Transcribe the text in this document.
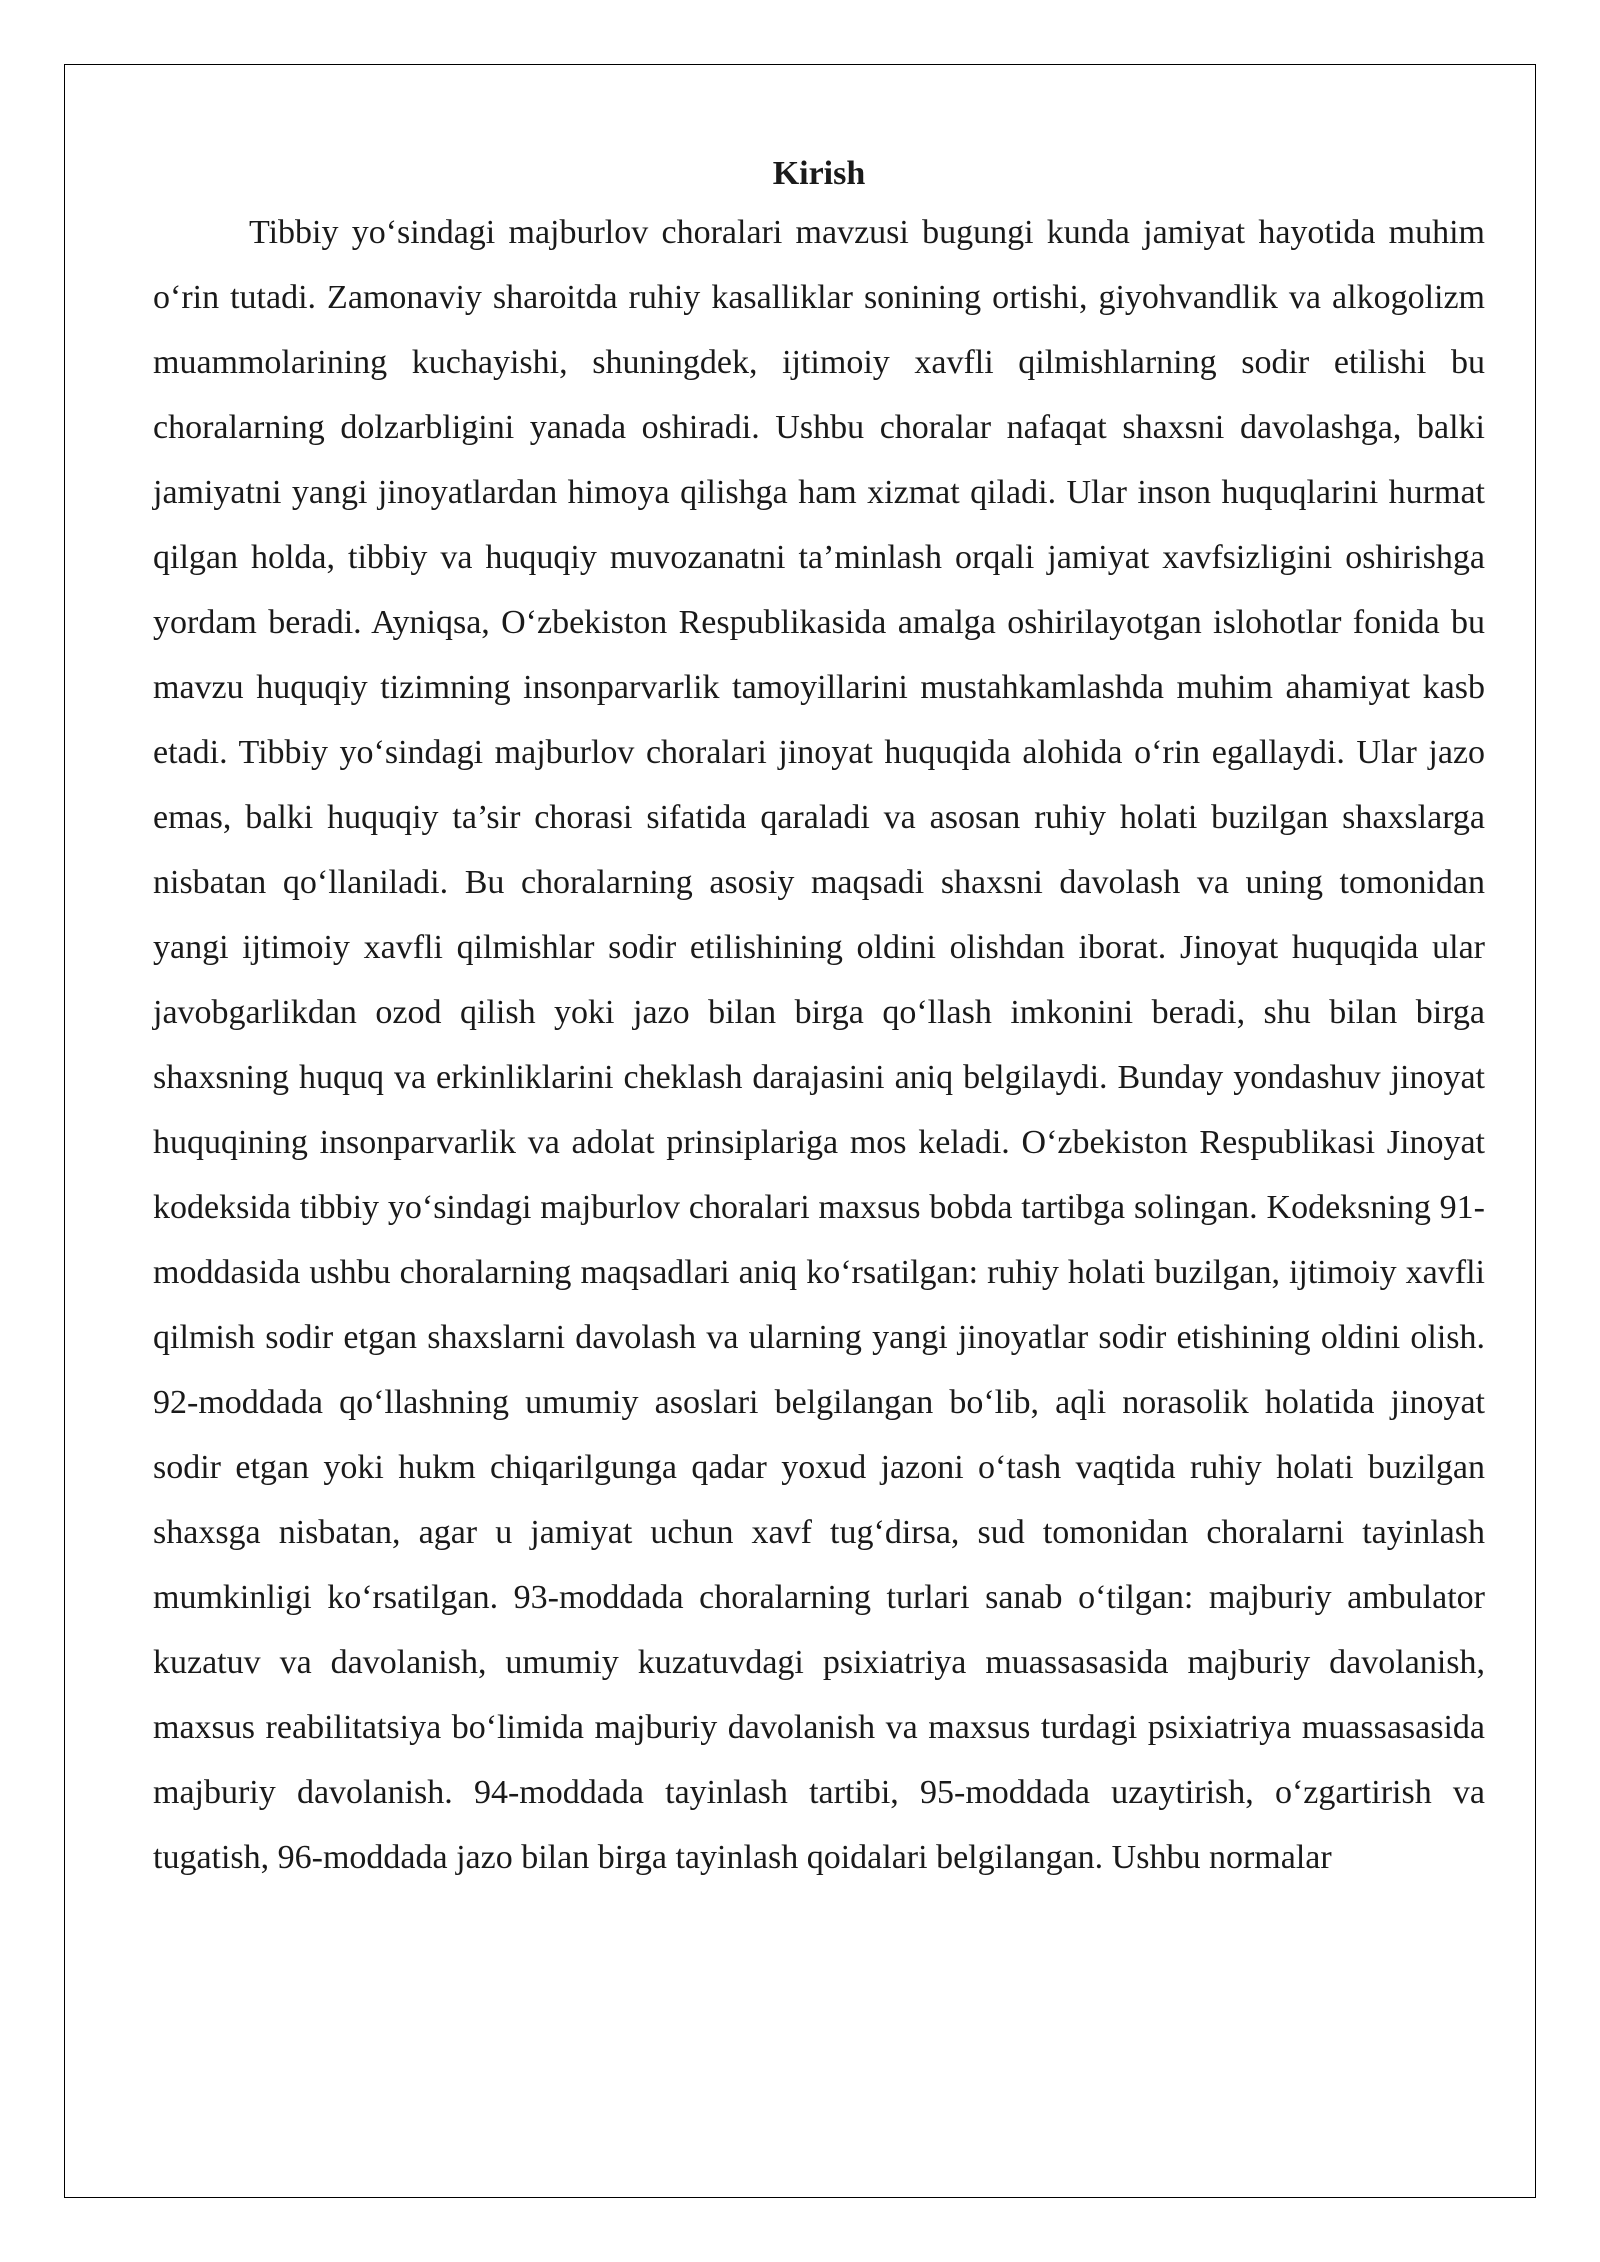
Kirish

Tibbiy yo‘sindagi majburlov choralari mavzusi bugungi kunda jamiyat hayotida muhim o‘rin tutadi. Zamonaviy sharoitda ruhiy kasalliklar sonining ortishi, giyohvandlik va alkogolizm muammolarining kuchayishi, shuningdek, ijtimoiy xavfli qilmishlarning sodir etilishi bu choralarning dolzarbligini yanada oshiradi. Ushbu choralar nafaqat shaxsni davolashga, balki jamiyatni yangi jinoyatlardan himoya qilishga ham xizmat qiladi. Ular inson huquqlarini hurmat qilgan holda, tibbiy va huquqiy muvozanatni ta’minlash orqali jamiyat xavfsizligini oshirishga yordam beradi. Ayniqsa, O‘zbekiston Respublikasida amalga oshirilayotgan islohotlar fonida bu mavzu huquqiy tizimning insonparvarlik tamoyillarini mustahkamlashda muhim ahamiyat kasb etadi. Tibbiy yo‘sindagi majburlov choralari jinoyat huquqida alohida o‘rin egallaydi. Ular jazo emas, balki huquqiy ta’sir chorasi sifatida qaraladi va asosan ruhiy holati buzilgan shaxslarga nisbatan qo‘llaniladi. Bu choralarning asosiy maqsadi shaxsni davolash va uning tomonidan yangi ijtimoiy xavfli qilmishlar sodir etilishining oldini olishdan iborat. Jinoyat huquqida ular javobgarlikdan ozod qilish yoki jazo bilan birga qo‘llash imkonini beradi, shu bilan birga shaxsning huquq va erkinliklarini cheklash darajasini aniq belgilaydi. Bunday yondashuv jinoyat huquqining insonparvarlik va adolat prinsiplariga mos keladi. O‘zbekiston Respublikasi Jinoyat kodeksida tibbiy yo‘sindagi majburlov choralari maxsus bobda tartibga solingan. Kodeksning 91-moddasida ushbu choralarning maqsadlari aniq ko‘rsatilgan: ruhiy holati buzilgan, ijtimoiy xavfli qilmish sodir etgan shaxslarni davolash va ularning yangi jinoyatlar sodir etishining oldini olish. 92-moddada qo‘llashning umumiy asoslari belgilangan bo‘lib, aqli norasolik holatida jinoyat sodir etgan yoki hukm chiqarilgunga qadar yoxud jazoni o‘tash vaqtida ruhiy holati buzilgan shaxsga nisbatan, agar u jamiyat uchun xavf tug‘dirsa, sud tomonidan choralarni tayinlash mumkinligi ko‘rsatilgan. 93-moddada choralarning turlari sanab o‘tilgan: majburiy ambulator kuzatuv va davolanish, umumiy kuzatuvdagi psixiatriya muassasasida majburiy davolanish, maxsus reabilitatsiya bo‘limida majburiy davolanish va maxsus turdagi psixiatriya muassasasida majburiy davolanish. 94-moddada tayinlash tartibi, 95-moddada uzaytirish, o‘zgartirish va tugatish, 96-moddada jazo bilan birga tayinlash qoidalari belgilangan. Ushbu normalar
